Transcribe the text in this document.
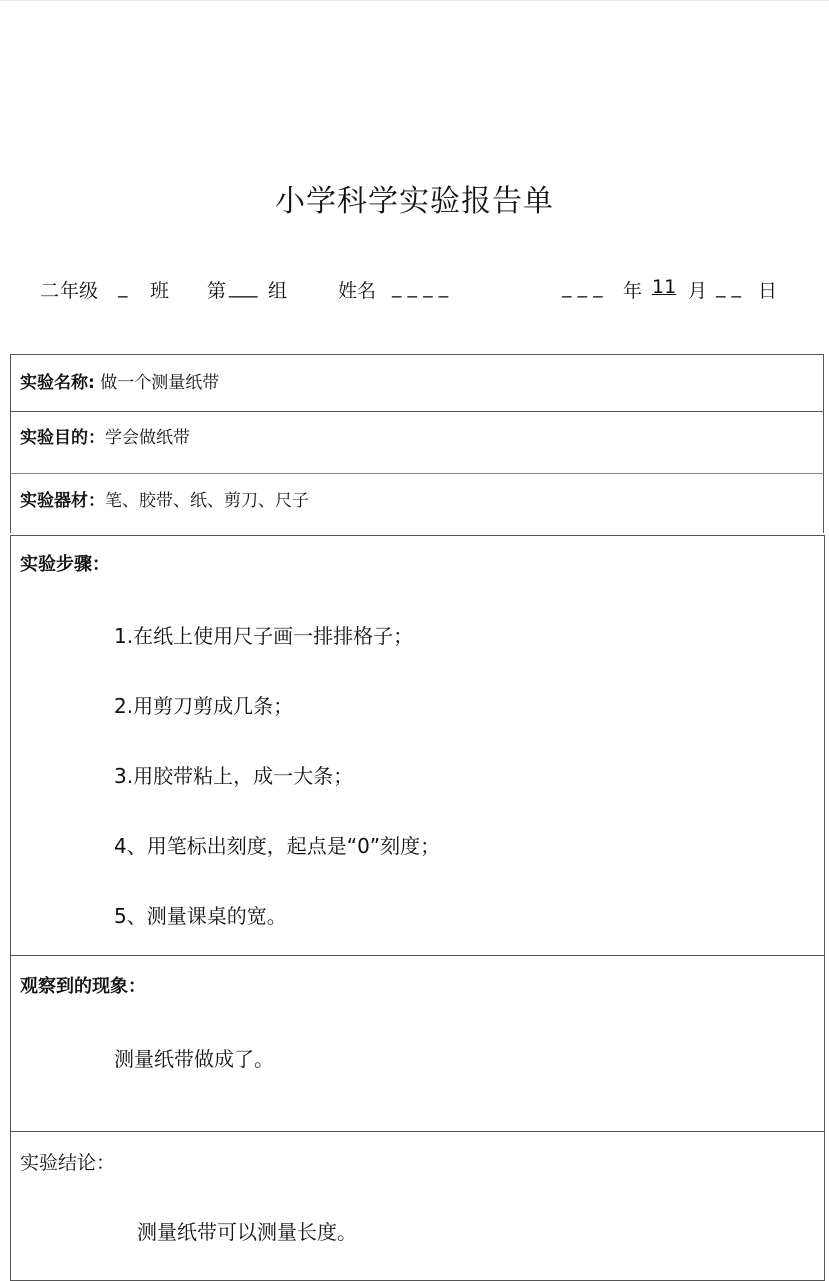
小学科学实验报告单
二 年级 _ 班 第 ___ 组	姓名 _ _ _ _	_ _ _ 年 11 月 _ _ 日
实验名称: 做一个测量纸带
实验目的：学会做纸带
实验器材：笔、胶带、纸、剪刀、尺子
实验步骤：
1.在纸上使用尺子画一排排格子；
2.用剪刀剪成几条；
3.用胶带粘上，成一大条；
4、用笔标出刻度，起点是“0”刻度；
5、测量课桌的宽。
观察到的现象：
测量纸带做成了。
实验结论：
测量纸带可以测量长度。
